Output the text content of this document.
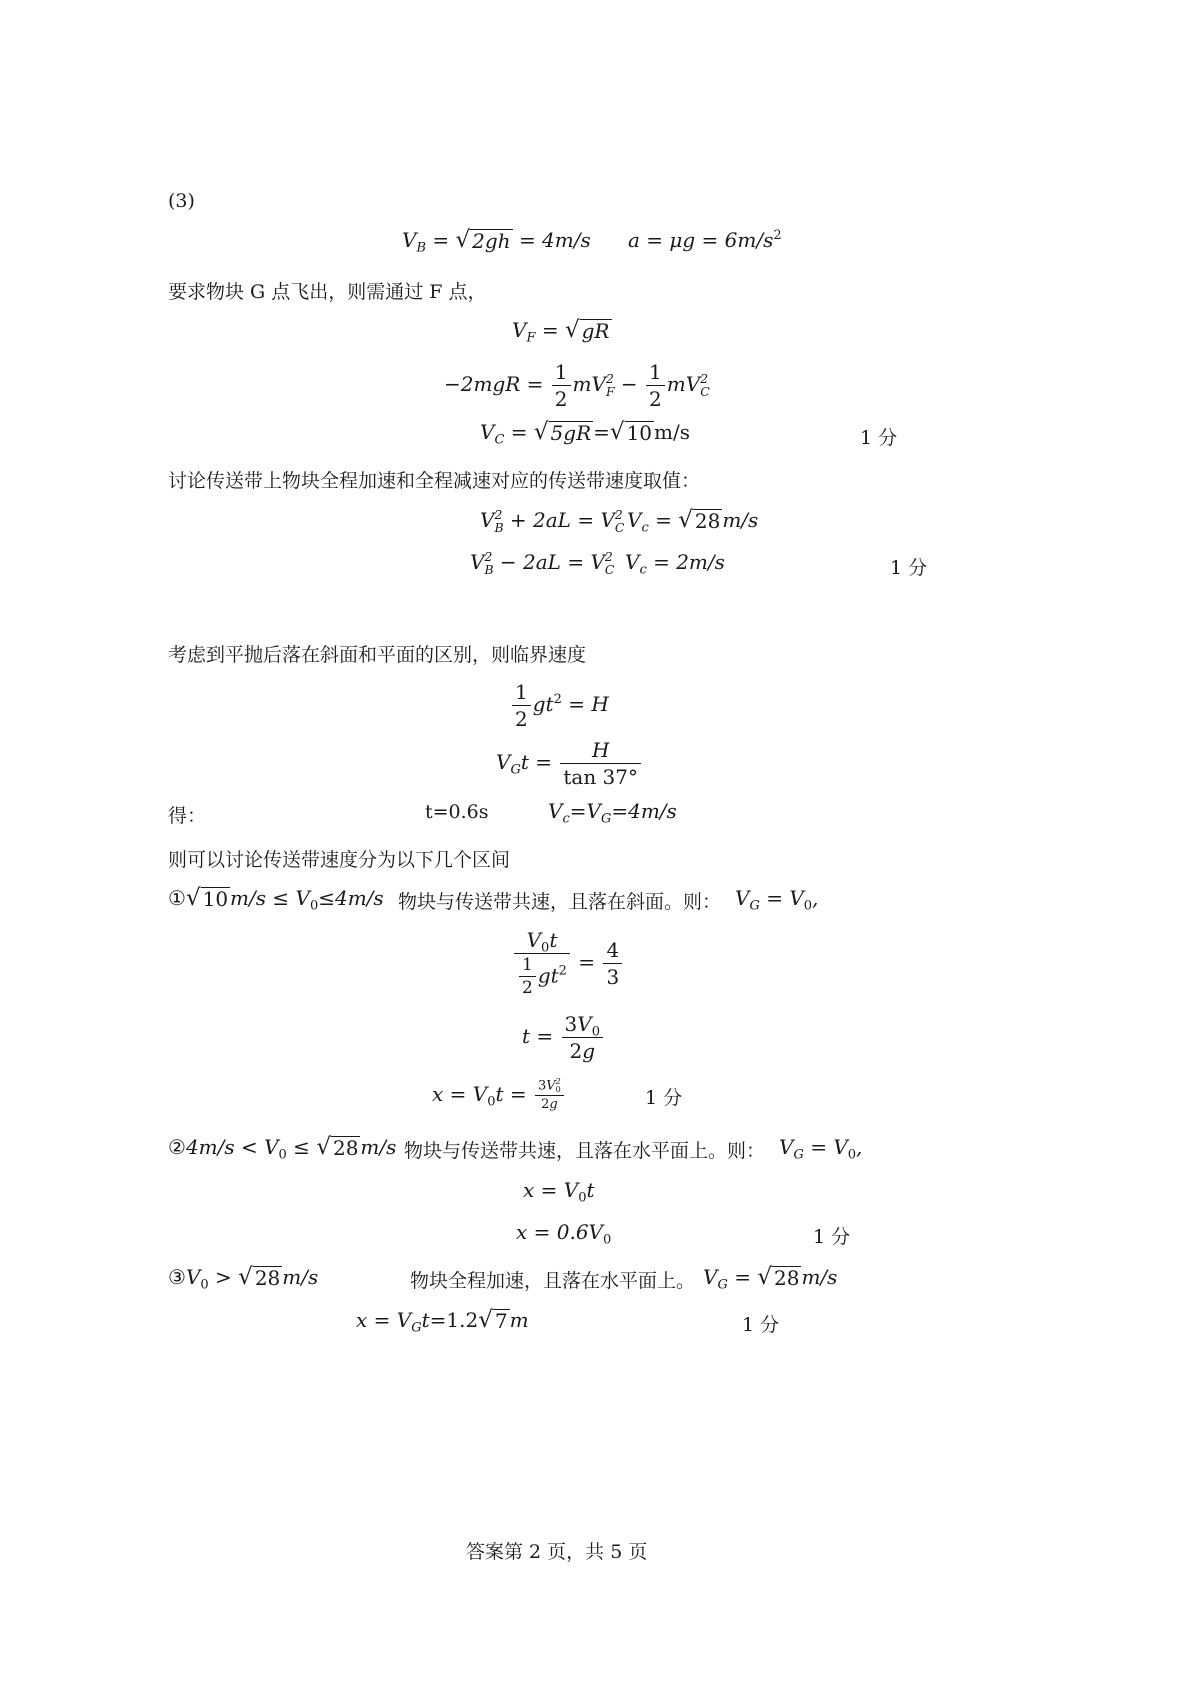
(3)
$V_B$ = √ 2gh = 4m/s $a = \mu g = 6m/s^2$
要求物块 G 点飞出，则需通过 F 点，
$V_F$ = √ gR
$-2mgR = \frac{1}{2}$ mV 2
$F - \frac{1}{2}$ mV 2
C
$V_C$ = √ 5gR = √ 10 m/s	1 分
讨论传送带上物块全程加速和全程减速对应的传送带速度取值：
V 2
B + 2aL = V 2
C $V_c$ = √ 28 m/s
V 2
B − 2aL = V 2
C $V_c = 2m/s$	1 分
考虑到平抛后落在斜面和平面的区别，则临界速度
$\frac{1}{2} gt^2 = H$
$V_Gt = \frac{H}{\tan 37^\circ}$
得：	t=0.6s	$V_c=V_G=4m/s$
则可以讨论传送带速度分为以下几个区间
① √ 10 $m/s \le V_0\le 4m/s$ 物块与传送带共速，且落在斜面。则： $V_G = V_0$,
$\frac{V_0t}{\frac{1}{2} gt^2} = \frac{4}{3}$
$t = \frac{3V_0}{2g}$
$x = V_0t = 3V$ 2
0
2g	1 分
②4m/s < $V_0$ ≤ √ 28 m/s 物块与传送带共速，且落在水平面上。则： $V_G = V_0$,
$x = V_0t$
$x = 0.6V_0$	1 分
$③V_0$ > √ 28 m/s	物块全程加速，且落在水平面上。 $V_G$ = √ 28 m/s
$x = V_Gt=1.2$ √ 7 m	1 分
答案第 2 页，共 5 页
